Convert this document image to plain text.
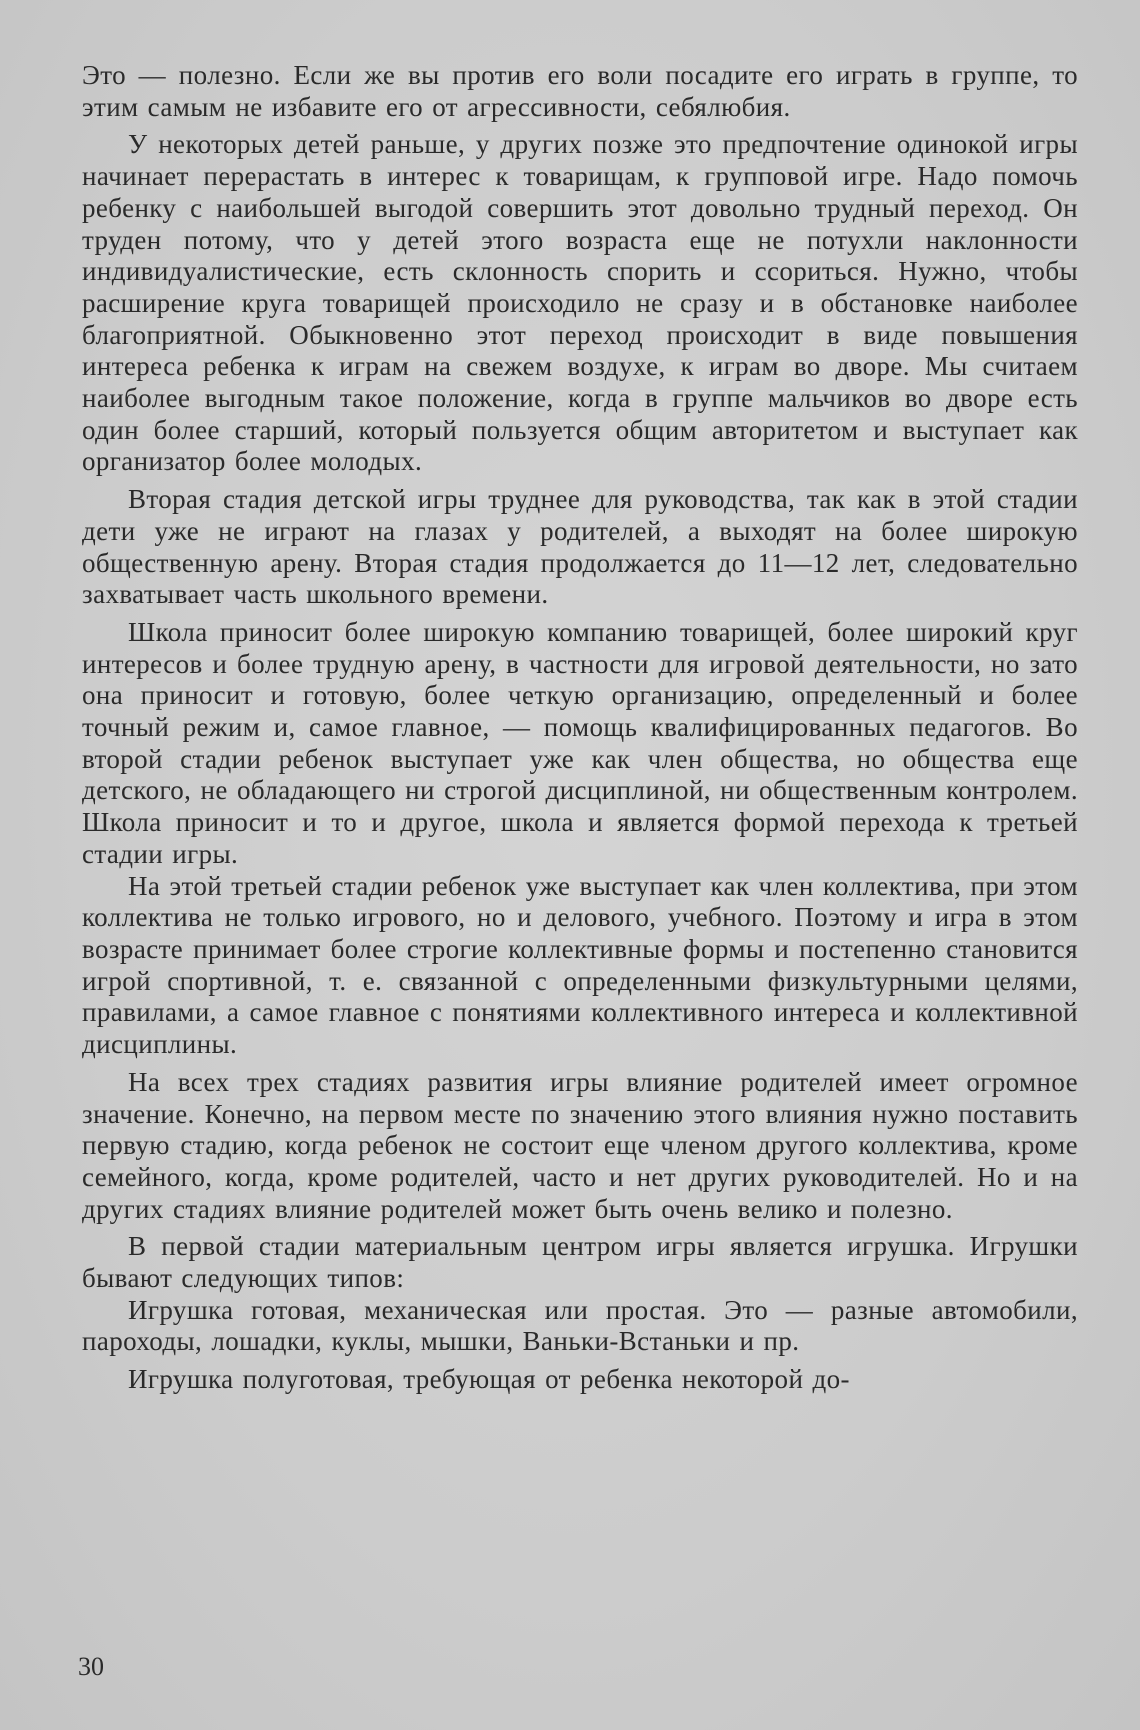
Это — полезно. Если же вы против его воли посадите его играть в группе, то этим самым не избавите его от агрессивности, себялюбия.

У некоторых детей раньше, у других позже это предпочтение одинокой игры начинает перерастать в интерес к товарищам, к групповой игре. Надо помочь ребенку с наибольшей выгодой совершить этот довольно трудный переход. Он труден потому, что у детей этого возраста еще не потухли наклонности индивидуалистические, есть склонность спорить и ссориться. Нужно, чтобы расширение круга товарищей происходило не сразу и в обстановке наиболее благоприятной. Обыкновенно этот переход происходит в виде повышения интереса ребенка к играм на свежем воздухе, к играм во дворе. Мы считаем наиболее выгодным такое положение, когда в группе мальчиков во дворе есть один более старший, который пользуется общим авторитетом и выступает как организатор более молодых.

Вторая стадия детской игры труднее для руководства, так как в этой стадии дети уже не играют на глазах у родителей, а выходят на более широкую общественную арену. Вторая стадия продолжается до 11—12 лет, следовательно захватывает часть школьного времени.

Школа приносит более широкую компанию товарищей, более широкий круг интересов и более трудную арену, в частности для игровой деятельности, но зато она приносит и готовую, более четкую организацию, определенный и более точный режим и, самое главное, — помощь квалифицированных педагогов. Во второй стадии ребенок выступает уже как член общества, но общества еще детского, не обладающего ни строгой дисциплиной, ни общественным контролем. Школа приносит и то и другое, школа и является формой перехода к третьей стадии игры.

На этой третьей стадии ребенок уже выступает как член коллектива, при этом коллектива не только игрового, но и делового, учебного. Поэтому и игра в этом возрасте принимает более строгие коллективные формы и постепенно становится игрой спортивной, т. е. связанной с определенными физкультурными целями, правилами, а самое главное с понятиями коллективного интереса и коллективной дисциплины.

На всех трех стадиях развития игры влияние родителей имеет огромное значение. Конечно, на первом месте по значению этого влияния нужно поставить первую стадию, когда ребенок не состоит еще членом другого коллектива, кроме семейного, когда, кроме родителей, часто и нет других руководителей. Но и на других стадиях влияние родителей может быть очень велико и полезно.

В первой стадии материальным центром игры является игрушка. Игрушки бывают следующих типов:

Игрушка готовая, механическая или простая. Это — разные автомобили, пароходы, лошадки, куклы, мышки, Ваньки-Встаньки и пр.

Игрушка полуготовая, требующая от ребенка некоторой до-

30
